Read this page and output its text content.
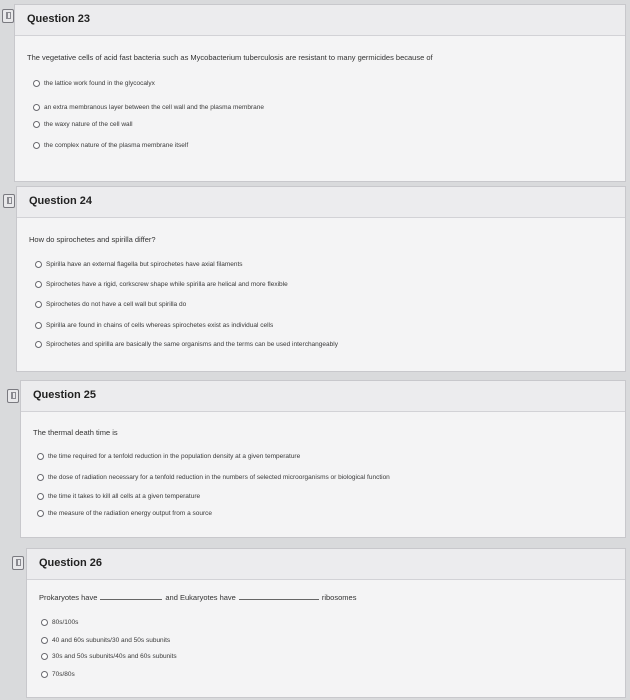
Question 23
The vegetative cells of acid fast bacteria such as Mycobacterium tuberculosis are resistant to many germicides because of
the lattice work found in the glycocalyx
an extra membranous layer between the cell wall and the plasma membrane
the waxy nature of the cell wall
the complex nature of the plasma membrane itself
Question 24
How do spirochetes and spirilla differ?
Spirilla have an external flagella but spirochetes have axial filaments
Spirochetes have a rigid, corkscrew shape while spirilla are helical and more flexible
Spirochetes do not have a cell wall but spirilla do
Spirilla are found in chains of cells whereas spirochetes exist as individual cells
Spirochetes and spirilla are basically the same organisms and the terms can be used interchangeably
Question 25
The thermal death time is
the time required for a tenfold reduction in the population density at a given temperature
the dose of radiation necessary for a tenfold reduction in the numbers of selected microorganisms or biological function
the time it takes to kill all cells at a given temperature
the measure of the radiation energy output from a source
Question 26
Prokaryotes have	and Eukaryotes have	ribosomes
80s/100s
40 and 60s subunits/30 and 50s subunits
30s and 50s subunits/40s and 60s subunits
70s/80s
